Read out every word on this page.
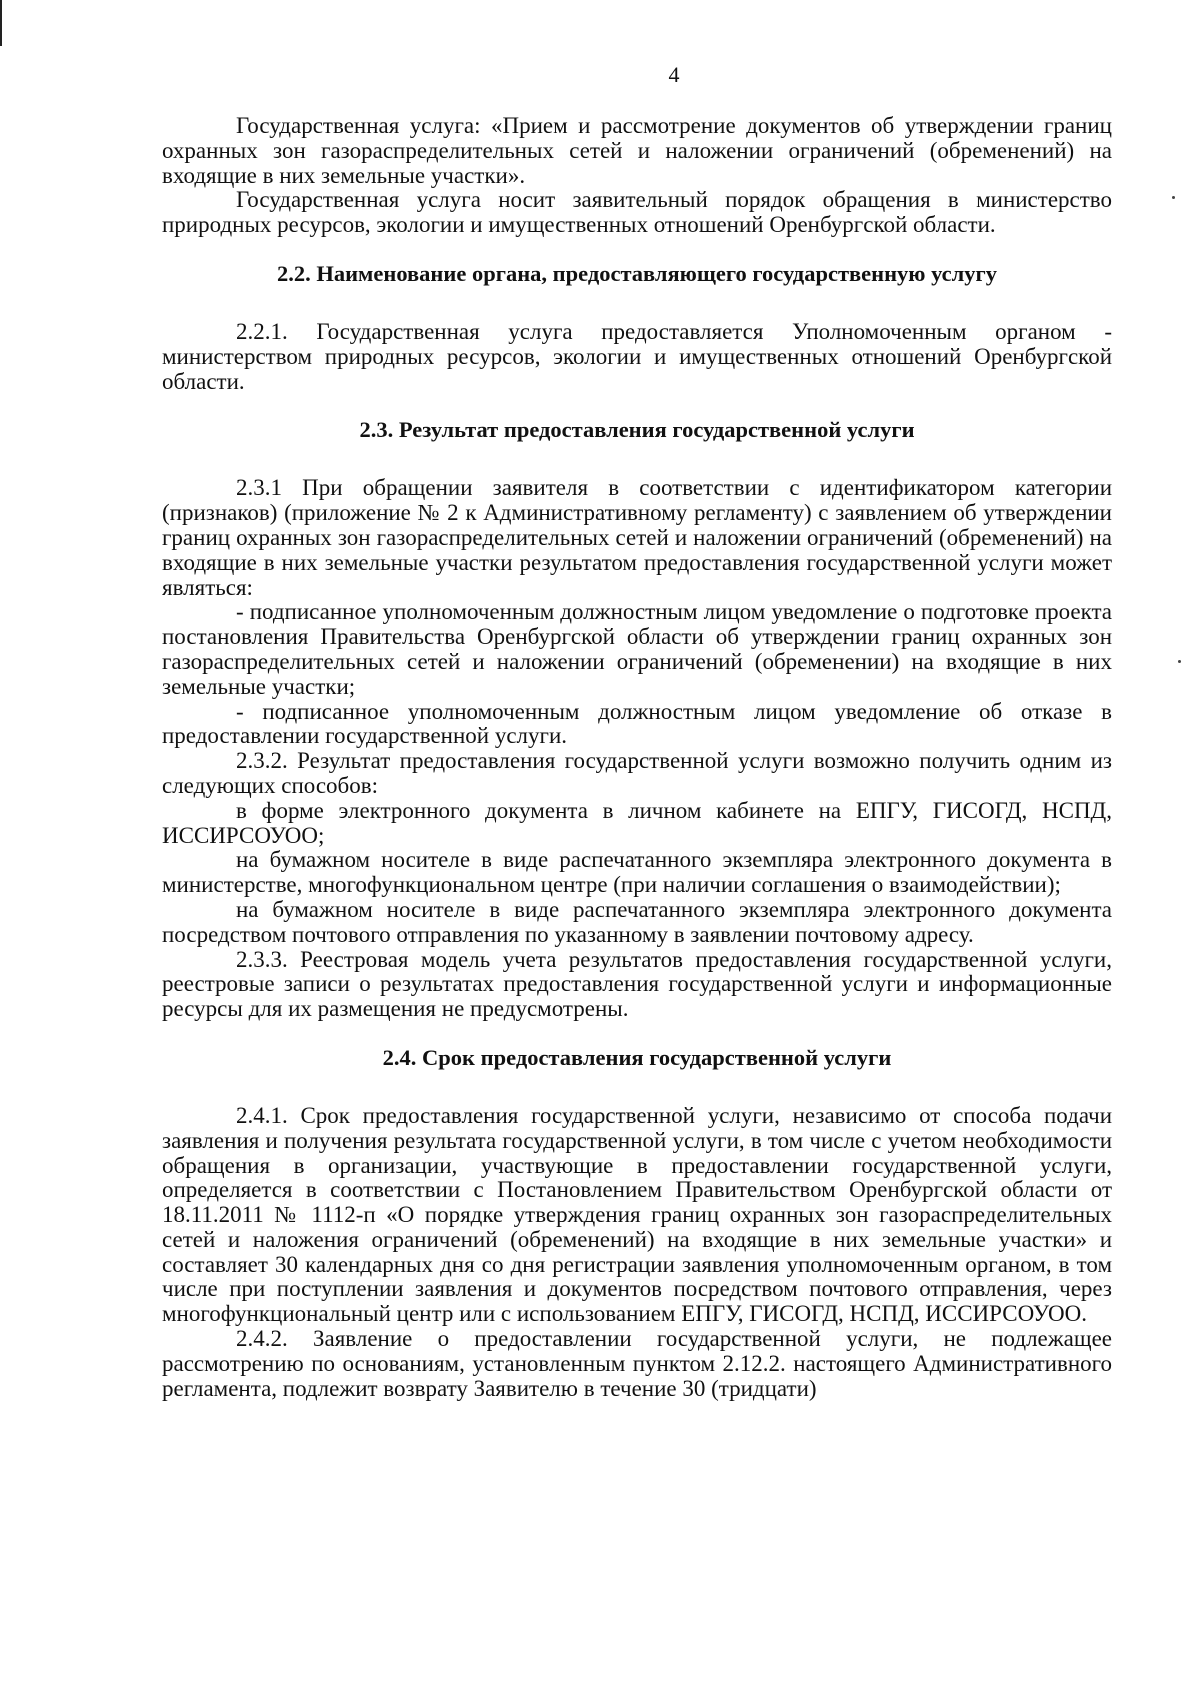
4

Государственная услуга: «Прием и рассмотрение документов об утверждении границ охранных зон газораспределительных сетей и наложении ограничений (обременений) на входящие в них земельные участки».

Государственная услуга носит заявительный порядок обращения в министерство природных ресурсов, экологии и имущественных отношений Оренбургской области.

2.2. Наименование органа, предоставляющего государственную услугу

2.2.1. Государственная услуга предоставляется Уполномоченным органом - министерством природных ресурсов, экологии и имущественных отношений Оренбургской области.

2.3. Результат предоставления государственной услуги

2.3.1 При обращении заявителя в соответствии с идентификатором категории (признаков) (приложение № 2 к Административному регламенту) с заявлением об утверждении границ охранных зон газораспределительных сетей и наложении ограничений (обременений) на входящие в них земельные участки результатом предоставления государственной услуги может являться:

- подписанное уполномоченным должностным лицом уведомление о подготовке проекта постановления Правительства Оренбургской области об утверждении границ охранных зон газораспределительных сетей и наложении ограничений (обременении) на входящие в них земельные участки;

- подписанное уполномоченным должностным лицом уведомление об отказе в предоставлении государственной услуги.

2.3.2. Результат предоставления государственной услуги возможно получить одним из следующих способов:

в форме электронного документа в личном кабинете на ЕПГУ, ГИСОГД, НСПД, ИССИРСОУОО;

на бумажном носителе в виде распечатанного экземпляра электронного документа в министерстве, многофункциональном центре (при наличии соглашения о взаимодействии);

на бумажном носителе в виде распечатанного экземпляра электронного документа посредством почтового отправления по указанному в заявлении почтовому адресу.

2.3.3. Реестровая модель учета результатов предоставления государственной услуги, реестровые записи о результатах предоставления государственной услуги и информационные ресурсы для их размещения не предусмотрены.

2.4. Срок предоставления государственной услуги

2.4.1. Срок предоставления государственной услуги, независимо от способа подачи заявления и получения результата государственной услуги, в том числе с учетом необходимости обращения в организации, участвующие в предоставлении государственной услуги, определяется в соответствии с Постановлением Правительством Оренбургской области от 18.11.2011 № 1112-п «О порядке утверждения границ охранных зон газораспределительных сетей и наложения ограничений (обременений) на входящие в них земельные участки» и составляет 30 календарных дня со дня регистрации заявления уполномоченным органом, в том числе при поступлении заявления и документов посредством почтового отправления, через многофункциональный центр или с использованием ЕПГУ, ГИСОГД, НСПД, ИССИРСОУОО.

2.4.2. Заявление о предоставлении государственной услуги, не подлежащее рассмотрению по основаниям, установленным пунктом 2.12.2. настоящего Административного регламента, подлежит возврату Заявителю в течение 30 (тридцати)
